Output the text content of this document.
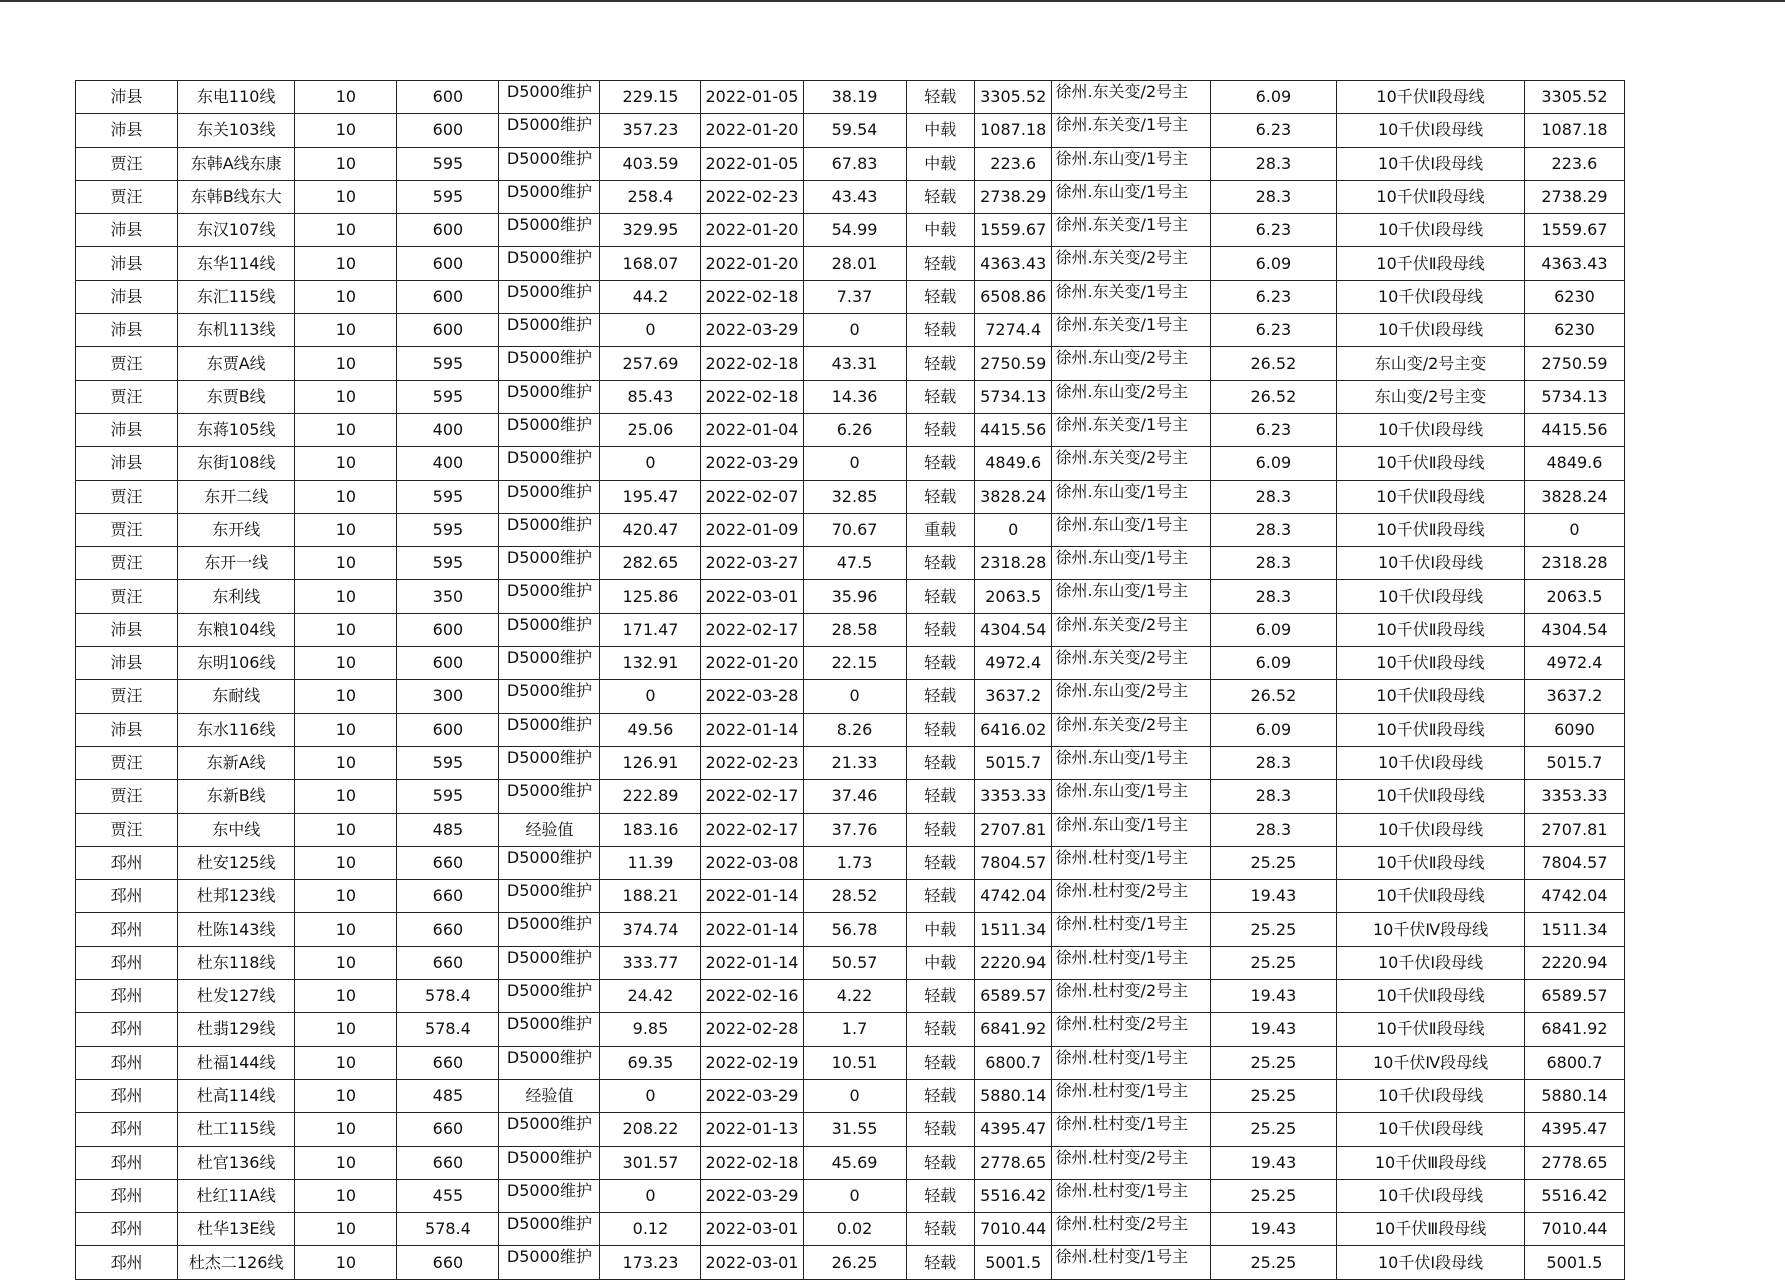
沛县	东电110线	10	600	D5000维护	229.15	2022-01-05	38.19	轻载	3305.52	徐州.东关变/2号主	6.09	10千伏Ⅱ段母线	3305.52
沛县	东关103线	10	600	D5000维护	357.23	2022-01-20	59.54	中载	1087.18	徐州.东关变/1号主	6.23	10千伏Ⅰ段母线	1087.18
贾汪	东韩A线东康	10	595	D5000维护	403.59	2022-01-05	67.83	中载	223.6	徐州.东山变/1号主	28.3	10千伏Ⅰ段母线	223.6
贾汪	东韩B线东大	10	595	D5000维护	258.4	2022-02-23	43.43	轻载	2738.29	徐州.东山变/1号主	28.3	10千伏Ⅱ段母线	2738.29
沛县	东汉107线	10	600	D5000维护	329.95	2022-01-20	54.99	中载	1559.67	徐州.东关变/1号主	6.23	10千伏Ⅰ段母线	1559.67
沛县	东华114线	10	600	D5000维护	168.07	2022-01-20	28.01	轻载	4363.43	徐州.东关变/2号主	6.09	10千伏Ⅱ段母线	4363.43
沛县	东汇115线	10	600	D5000维护	44.2	2022-02-18	7.37	轻载	6508.86	徐州.东关变/1号主	6.23	10千伏Ⅰ段母线	6230
沛县	东机113线	10	600	D5000维护	0	2022-03-29	0	轻载	7274.4	徐州.东关变/1号主	6.23	10千伏Ⅰ段母线	6230
贾汪	东贾A线	10	595	D5000维护	257.69	2022-02-18	43.31	轻载	2750.59	徐州.东山变/2号主	26.52	东山变/2号主变	2750.59
贾汪	东贾B线	10	595	D5000维护	85.43	2022-02-18	14.36	轻载	5734.13	徐州.东山变/2号主	26.52	东山变/2号主变	5734.13
沛县	东蒋105线	10	400	D5000维护	25.06	2022-01-04	6.26	轻载	4415.56	徐州.东关变/1号主	6.23	10千伏Ⅰ段母线	4415.56
沛县	东街108线	10	400	D5000维护	0	2022-03-29	0	轻载	4849.6	徐州.东关变/2号主	6.09	10千伏Ⅱ段母线	4849.6
贾汪	东开二线	10	595	D5000维护	195.47	2022-02-07	32.85	轻载	3828.24	徐州.东山变/1号主	28.3	10千伏Ⅱ段母线	3828.24
贾汪	东开线	10	595	D5000维护	420.47	2022-01-09	70.67	重载	0	徐州.东山变/1号主	28.3	10千伏Ⅱ段母线	0
贾汪	东开一线	10	595	D5000维护	282.65	2022-03-27	47.5	轻载	2318.28	徐州.东山变/1号主	28.3	10千伏Ⅰ段母线	2318.28
贾汪	东利线	10	350	D5000维护	125.86	2022-03-01	35.96	轻载	2063.5	徐州.东山变/1号主	28.3	10千伏Ⅰ段母线	2063.5
沛县	东粮104线	10	600	D5000维护	171.47	2022-02-17	28.58	轻载	4304.54	徐州.东关变/2号主	6.09	10千伏Ⅱ段母线	4304.54
沛县	东明106线	10	600	D5000维护	132.91	2022-01-20	22.15	轻载	4972.4	徐州.东关变/2号主	6.09	10千伏Ⅱ段母线	4972.4
贾汪	东耐线	10	300	D5000维护	0	2022-03-28	0	轻载	3637.2	徐州.东山变/2号主	26.52	10千伏Ⅱ段母线	3637.2
沛县	东水116线	10	600	D5000维护	49.56	2022-01-14	8.26	轻载	6416.02	徐州.东关变/2号主	6.09	10千伏Ⅱ段母线	6090
贾汪	东新A线	10	595	D5000维护	126.91	2022-02-23	21.33	轻载	5015.7	徐州.东山变/1号主	28.3	10千伏Ⅰ段母线	5015.7
贾汪	东新B线	10	595	D5000维护	222.89	2022-02-17	37.46	轻载	3353.33	徐州.东山变/1号主	28.3	10千伏Ⅱ段母线	3353.33
贾汪	东中线	10	485	经验值	183.16	2022-02-17	37.76	轻载	2707.81	徐州.东山变/1号主	28.3	10千伏Ⅰ段母线	2707.81
邳州	杜安125线	10	660	D5000维护	11.39	2022-03-08	1.73	轻载	7804.57	徐州.杜村变/1号主	25.25	10千伏Ⅱ段母线	7804.57
邳州	杜邦123线	10	660	D5000维护	188.21	2022-01-14	28.52	轻载	4742.04	徐州.杜村变/2号主	19.43	10千伏Ⅱ段母线	4742.04
邳州	杜陈143线	10	660	D5000维护	374.74	2022-01-14	56.78	中载	1511.34	徐州.杜村变/1号主	25.25	10千伏Ⅳ段母线	1511.34
邳州	杜东118线	10	660	D5000维护	333.77	2022-01-14	50.57	中载	2220.94	徐州.杜村变/1号主	25.25	10千伏Ⅰ段母线	2220.94
邳州	杜发127线	10	578.4	D5000维护	24.42	2022-02-16	4.22	轻载	6589.57	徐州.杜村变/2号主	19.43	10千伏Ⅱ段母线	6589.57
邳州	杜翡129线	10	578.4	D5000维护	9.85	2022-02-28	1.7	轻载	6841.92	徐州.杜村变/2号主	19.43	10千伏Ⅱ段母线	6841.92
邳州	杜福144线	10	660	D5000维护	69.35	2022-02-19	10.51	轻载	6800.7	徐州.杜村变/1号主	25.25	10千伏Ⅳ段母线	6800.7
邳州	杜高114线	10	485	经验值	0	2022-03-29	0	轻载	5880.14	徐州.杜村变/1号主	25.25	10千伏Ⅰ段母线	5880.14
邳州	杜工115线	10	660	D5000维护	208.22	2022-01-13	31.55	轻载	4395.47	徐州.杜村变/1号主	25.25	10千伏Ⅰ段母线	4395.47
邳州	杜官136线	10	660	D5000维护	301.57	2022-02-18	45.69	轻载	2778.65	徐州.杜村变/2号主	19.43	10千伏Ⅲ段母线	2778.65
邳州	杜红11A线	10	455	D5000维护	0	2022-03-29	0	轻载	5516.42	徐州.杜村变/1号主	25.25	10千伏Ⅰ段母线	5516.42
邳州	杜华13E线	10	578.4	D5000维护	0.12	2022-03-01	0.02	轻载	7010.44	徐州.杜村变/2号主	19.43	10千伏Ⅲ段母线	7010.44
邳州	杜杰二126线	10	660	D5000维护	173.23	2022-03-01	26.25	轻载	5001.5	徐州.杜村变/1号主	25.25	10千伏Ⅰ段母线	5001.5
